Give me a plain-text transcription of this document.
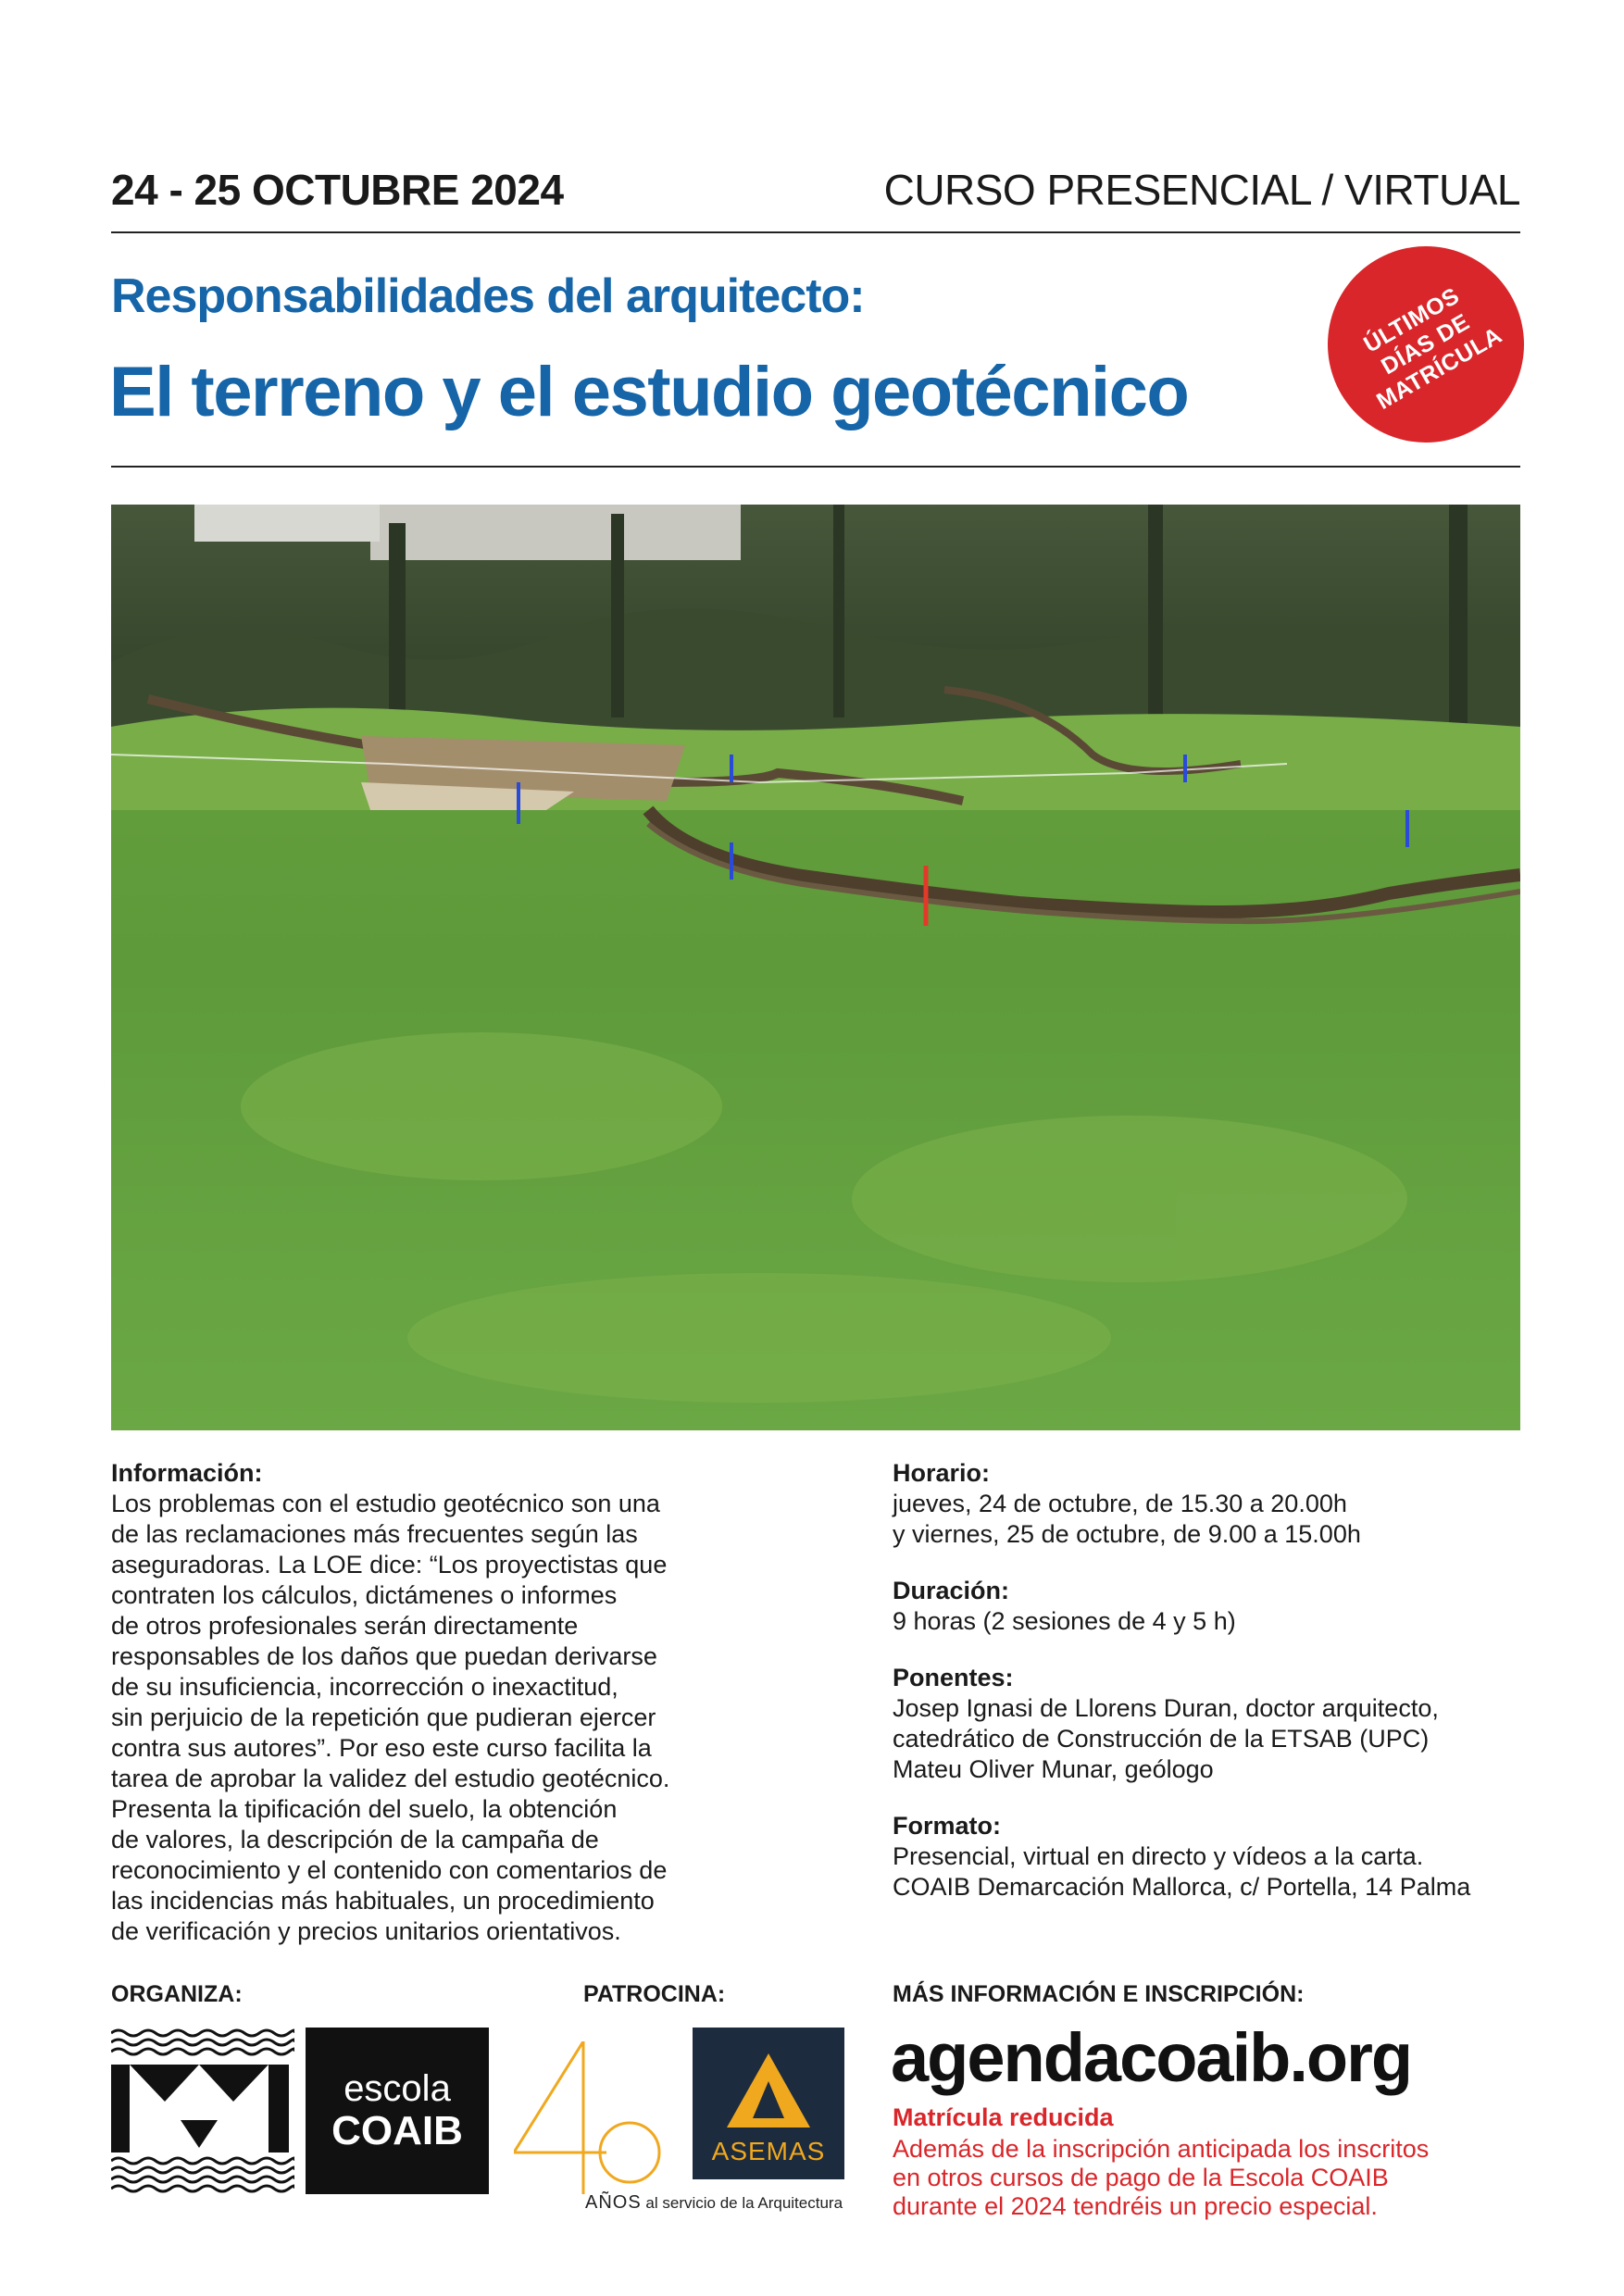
24 - 25 OCTUBRE 2024	CURSO PRESENCIAL / VIRTUAL
Responsabilidades del arquitecto:
El terreno y el estudio geotécnico
ÚLTIMOS
DÍAS DE
MATRÍCULA
Información:
Los problemas con el estudio geotécnico son una
de las reclamaciones más frecuentes según las
aseguradoras. La LOE dice: “Los proyectistas que
contraten los cálculos, dictámenes o informes
de otros profesionales serán directamente
responsables de los daños que puedan derivarse
de su insuficiencia, incorrección o inexactitud,
sin perjuicio de la repetición que pudieran ejercer
contra sus autores”. Por eso este curso facilita la
tarea de aprobar la validez del estudio geotécnico.
Presenta la tipificación del suelo, la obtención
de valores, la descripción de la campaña de
reconocimiento y el contenido con comentarios de
las incidencias más habituales, un procedimiento
de verificación y precios unitarios orientativos.
Horario:
jueves, 24 de octubre, de 15.30 a 20.00h
y viernes, 25 de octubre, de 9.00 a 15.00h
Duración:
9 horas (2 sesiones de 4 y 5 h)
Ponentes:
Josep Ignasi de Llorens Duran, doctor arquitecto,
catedrático de Construcción de la ETSAB (UPC)
Mateu Oliver Munar, geólogo
Formato:
Presencial, virtual en directo y vídeos a la carta.
COAIB Demarcación Mallorca, c/ Portella, 14 Palma
ORGANIZA:	PATROCINA:	MÁS INFORMACIÓN E INSCRIPCIÓN:
escola
COAIB
AÑOS al servicio de la Arquitectura
ASEMAS
agendacoaib.org
Matrícula reducida
Además de la inscripción anticipada los inscritos
en otros cursos de pago de la Escola COAIB
durante el 2024 tendréis un precio especial.
